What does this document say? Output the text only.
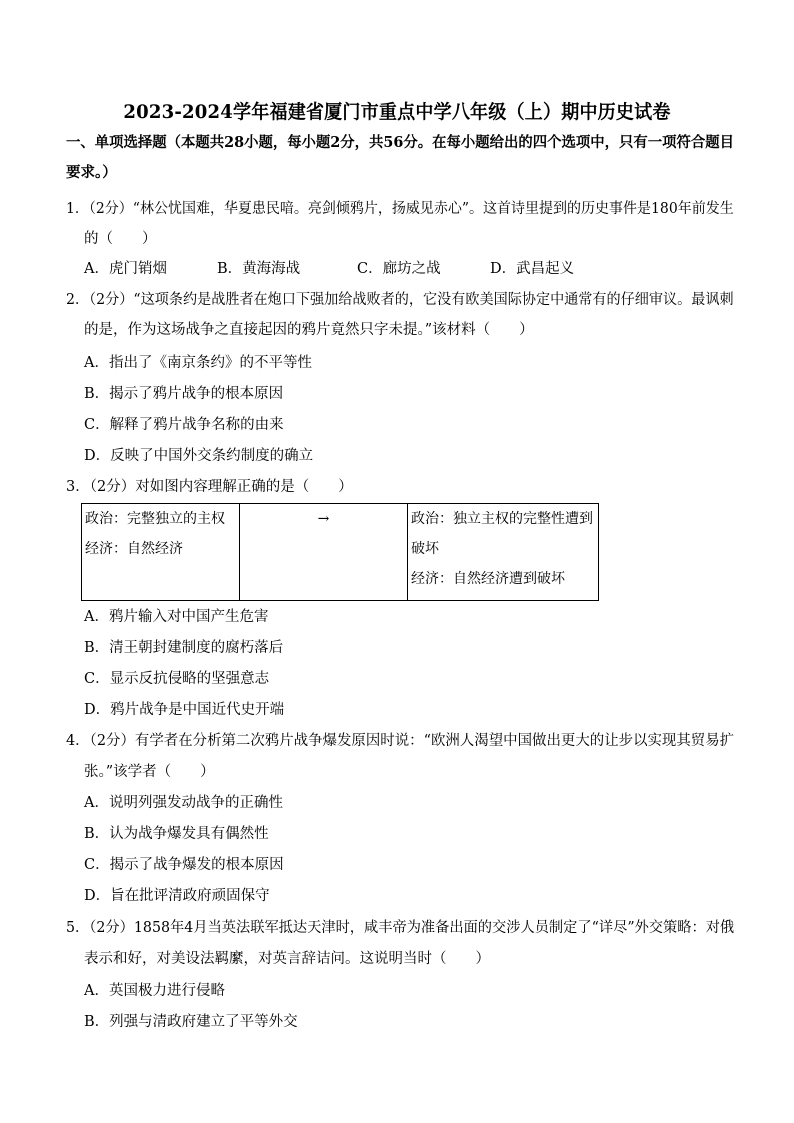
2023-2024学年福建省厦门市重点中学八年级（上）期中历史试卷
一、单项选择题（本题共28小题，每小题2分，共56分。在每小题给出的四个选项中，只有一项符合题目
要求。）
1．（2分）“林公忧国难，华夏患民喑。亮剑倾鸦片，扬威见赤心”。这首诗里提到的历史事件是180年前发生
的（　　）
A．虎门销烟	B．黄海海战	C．廊坊之战	D．武昌起义
2．（2分）“这项条约是战胜者在炮口下强加给战败者的，它没有欧美国际协定中通常有的仔细审议。最讽刺
的是，作为这场战争之直接起因的鸦片竟然只字未提。”该材料（　　）
A．指出了《南京条约》的不平等性
B．揭示了鸦片战争的根本原因
C．解释了鸦片战争名称的由来
D．反映了中国外交条约制度的确立
3．（2分）对如图内容理解正确的是（　　）
政治：完整独立的主权
经济：自然经济

→	政治：独立主权的完整性遭到
破坏
经济：自然经济遭到破坏
A．鸦片输入对中国产生危害
B．清王朝封建制度的腐朽落后
C．显示反抗侵略的坚强意志
D．鸦片战争是中国近代史开端
4．（2分）有学者在分析第二次鸦片战争爆发原因时说：“欧洲人渴望中国做出更大的让步以实现其贸易扩
张。”该学者（　　）
A．说明列强发动战争的正确性
B．认为战争爆发具有偶然性
C．揭示了战争爆发的根本原因
D．旨在批评清政府顽固保守
5．（2分）1858年4月当英法联军抵达天津时，咸丰帝为准备出面的交涉人员制定了“详尽”外交策略：对俄
表示和好，对美设法羁縻，对英言辞诘问。这说明当时（　　）
A．英国极力进行侵略
B．列强与清政府建立了平等外交
